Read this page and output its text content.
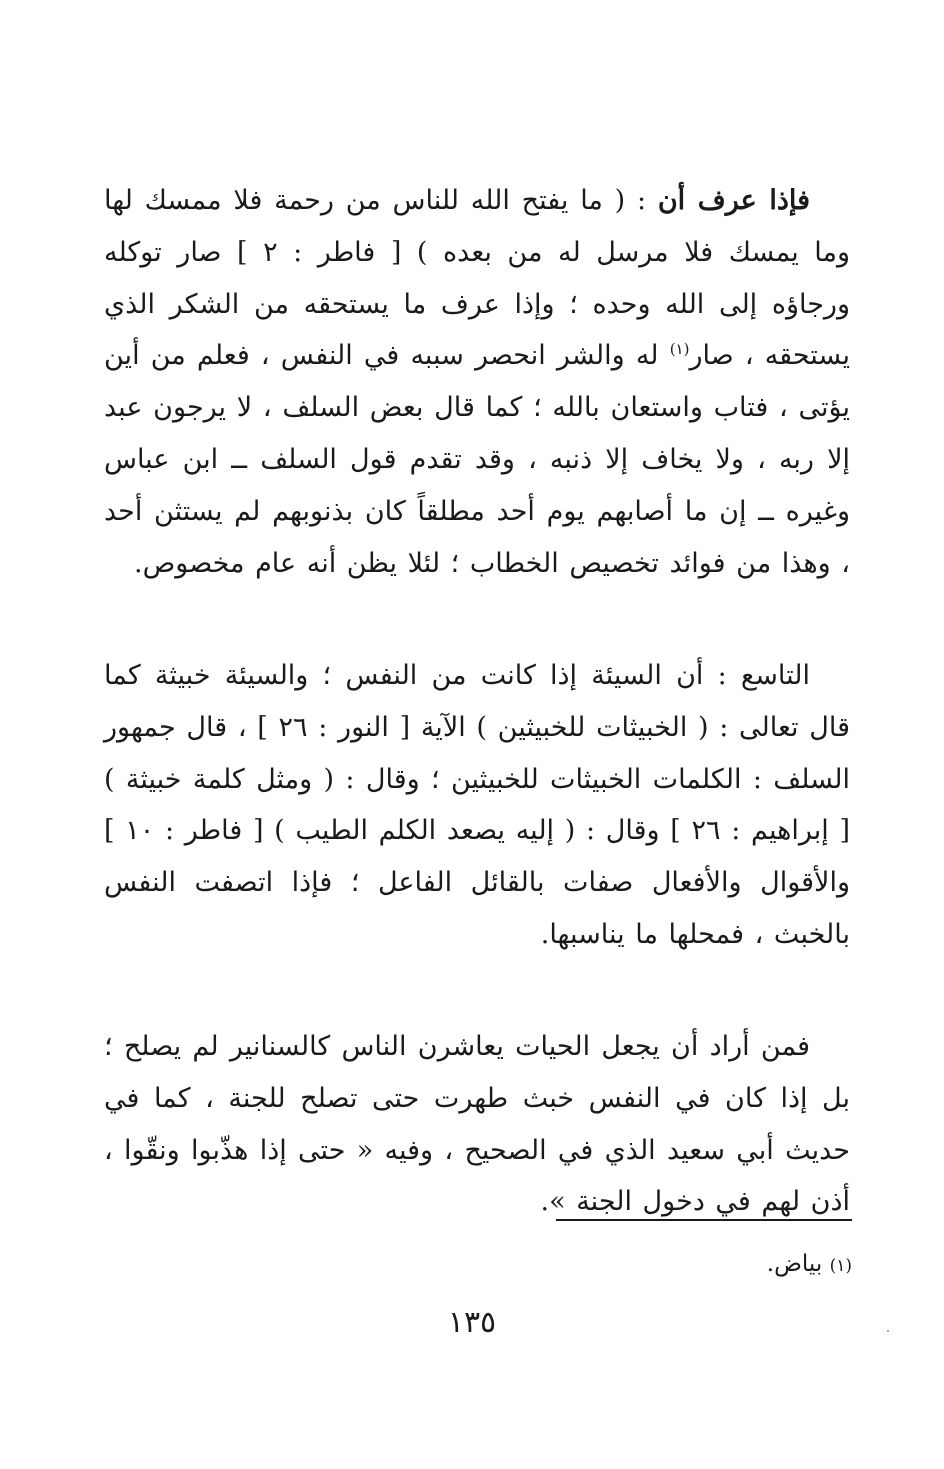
فإذا عرف أن : ( ما يفتح الله للناس من رحمة فلا ممسك لها وما يمسك فلا مرسل له من بعده ) [ فاطر : ٢ ] صار توكله ورجاؤه إلى الله وحده ؛ وإذا عرف ما يستحقه من الشكر الذي يستحقه ، صار$^{(١)}$ له والشر انحصر سببه في النفس ، فعلم من أين يؤتى ، فتاب واستعان بالله ؛ كما قال بعض السلف ، لا يرجون عبد إلا ربه ، ولا يخاف إلا ذنبه ، وقد تقدم قول السلف ــ ابن عباس وغيره ــ إن ما أصابهم يوم أحد مطلقاً كان بذنوبهم لم يستثن أحد ، وهذا من فوائد تخصيص الخطاب ؛ لئلا يظن أنه عام مخصوص.

التاسع : أن السيئة إذا كانت من النفس ؛ والسيئة خبيثة كما قال تعالى : ( الخبيثات للخبيثين ) الآية [ النور : ٢٦ ] ، قال جمهور السلف : الكلمات الخبيثات للخبيثين ؛ وقال : ( ومثل كلمة خبيثة ) [ إبراهيم : ٢٦ ] وقال : ( إليه يصعد الكلم الطيب ) [ فاطر : ١٠ ] والأقوال والأفعال صفات بالقائل الفاعل ؛ فإذا اتصفت النفس بالخبث ، فمحلها ما يناسبها.

فمن أراد أن يجعل الحيات يعاشرن الناس كالسنانير لم يصلح ؛ بل إذا كان في النفس خبث طهرت حتى تصلح للجنة ، كما في حديث أبي سعيد الذي في الصحيح ، وفيه « حتى إذا هذّبوا ونقّوا ، أذن لهم في دخول الجنة ».

(١) بياض.
١٣٥
